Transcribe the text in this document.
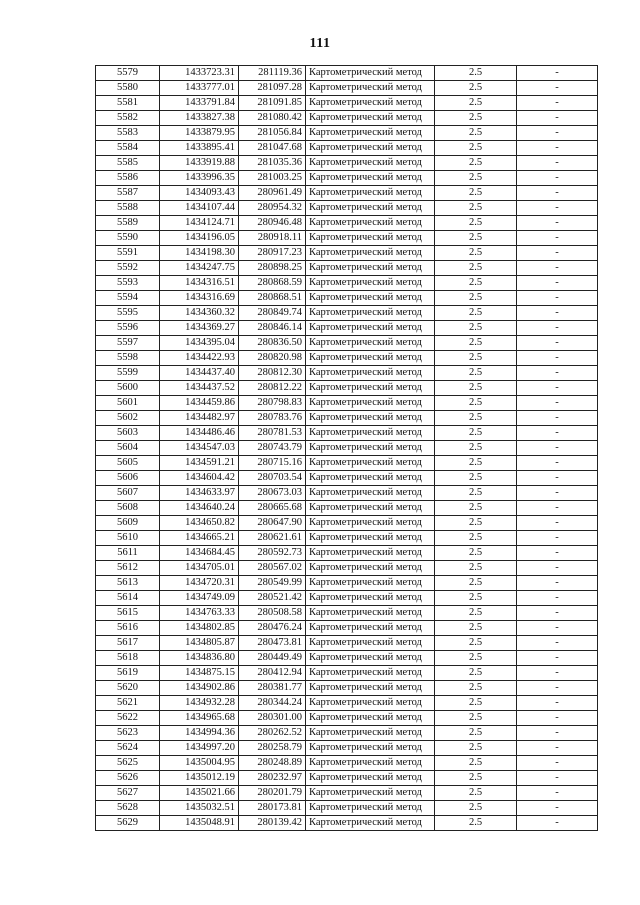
111
5579	1433723.31	281119.36	Картометрический метод	2.5	-
5580	1433777.01	281097.28	Картометрический метод	2.5	-
5581	1433791.84	281091.85	Картометрический метод	2.5	-
5582	1433827.38	281080.42	Картометрический метод	2.5	-
5583	1433879.95	281056.84	Картометрический метод	2.5	-
5584	1433895.41	281047.68	Картометрический метод	2.5	-
5585	1433919.88	281035.36	Картометрический метод	2.5	-
5586	1433996.35	281003.25	Картометрический метод	2.5	-
5587	1434093.43	280961.49	Картометрический метод	2.5	-
5588	1434107.44	280954.32	Картометрический метод	2.5	-
5589	1434124.71	280946.48	Картометрический метод	2.5	-
5590	1434196.05	280918.11	Картометрический метод	2.5	-
5591	1434198.30	280917.23	Картометрический метод	2.5	-
5592	1434247.75	280898.25	Картометрический метод	2.5	-
5593	1434316.51	280868.59	Картометрический метод	2.5	-
5594	1434316.69	280868.51	Картометрический метод	2.5	-
5595	1434360.32	280849.74	Картометрический метод	2.5	-
5596	1434369.27	280846.14	Картометрический метод	2.5	-
5597	1434395.04	280836.50	Картометрический метод	2.5	-
5598	1434422.93	280820.98	Картометрический метод	2.5	-
5599	1434437.40	280812.30	Картометрический метод	2.5	-
5600	1434437.52	280812.22	Картометрический метод	2.5	-
5601	1434459.86	280798.83	Картометрический метод	2.5	-
5602	1434482.97	280783.76	Картометрический метод	2.5	-
5603	1434486.46	280781.53	Картометрический метод	2.5	-
5604	1434547.03	280743.79	Картометрический метод	2.5	-
5605	1434591.21	280715.16	Картометрический метод	2.5	-
5606	1434604.42	280703.54	Картометрический метод	2.5	-
5607	1434633.97	280673.03	Картометрический метод	2.5	-
5608	1434640.24	280665.68	Картометрический метод	2.5	-
5609	1434650.82	280647.90	Картометрический метод	2.5	-
5610	1434665.21	280621.61	Картометрический метод	2.5	-
5611	1434684.45	280592.73	Картометрический метод	2.5	-
5612	1434705.01	280567.02	Картометрический метод	2.5	-
5613	1434720.31	280549.99	Картометрический метод	2.5	-
5614	1434749.09	280521.42	Картометрический метод	2.5	-
5615	1434763.33	280508.58	Картометрический метод	2.5	-
5616	1434802.85	280476.24	Картометрический метод	2.5	-
5617	1434805.87	280473.81	Картометрический метод	2.5	-
5618	1434836.80	280449.49	Картометрический метод	2.5	-
5619	1434875.15	280412.94	Картометрический метод	2.5	-
5620	1434902.86	280381.77	Картометрический метод	2.5	-
5621	1434932.28	280344.24	Картометрический метод	2.5	-
5622	1434965.68	280301.00	Картометрический метод	2.5	-
5623	1434994.36	280262.52	Картометрический метод	2.5	-
5624	1434997.20	280258.79	Картометрический метод	2.5	-
5625	1435004.95	280248.89	Картометрический метод	2.5	-
5626	1435012.19	280232.97	Картометрический метод	2.5	-
5627	1435021.66	280201.79	Картометрический метод	2.5	-
5628	1435032.51	280173.81	Картометрический метод	2.5	-
5629	1435048.91	280139.42	Картометрический метод	2.5	-
